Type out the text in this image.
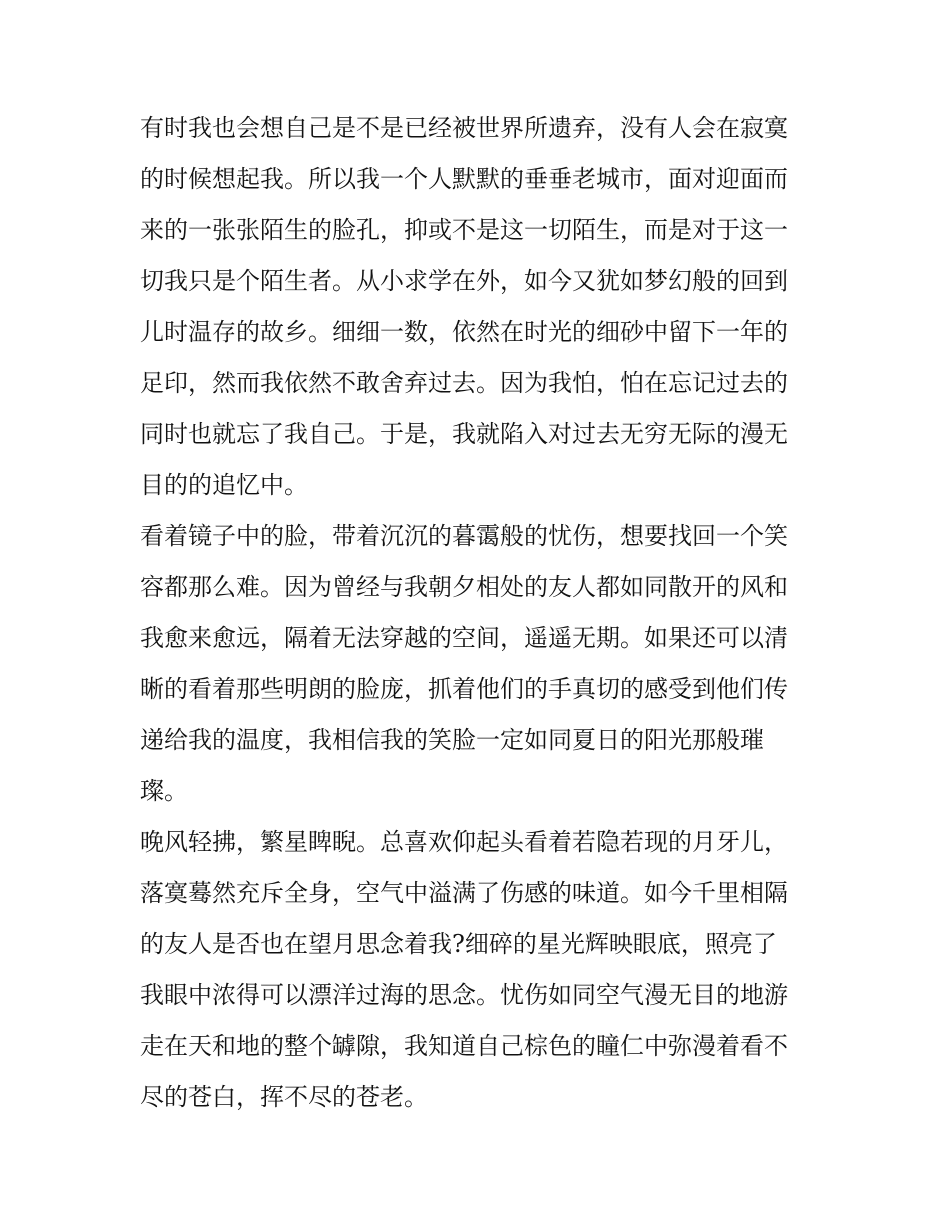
有时我也会想自己是不是已经被世界所遗弃，没有人会在寂寞
的时候想起我。所以我一个人默默的垂垂老城市，面对迎面而
来的一张张陌生的脸孔，抑或不是这一切陌生，而是对于这一
切我只是个陌生者。从小求学在外，如今又犹如梦幻般的回到
儿时温存的故乡。细细一数，依然在时光的细砂中留下一年的
足印，然而我依然不敢舍弃过去。因为我怕，怕在忘记过去的
同时也就忘了我自己。于是，我就陷入对过去无穷无际的漫无
目的的追忆中。
看着镜子中的脸，带着沉沉的暮霭般的忧伤，想要找回一个笑
容都那么难。因为曾经与我朝夕相处的友人都如同散开的风和
我愈来愈远，隔着无法穿越的空间，遥遥无期。如果还可以清
晰的看着那些明朗的脸庞，抓着他们的手真切的感受到他们传
递给我的温度，我相信我的笑脸一定如同夏日的阳光那般璀
璨。
晚风轻拂，繁星睥睨。总喜欢仰起头看着若隐若现的月牙儿，
落寞蓦然充斥全身，空气中溢满了伤感的味道。如今千里相隔
的友人是否也在望月思念着我?细碎的星光辉映眼底，照亮了
我眼中浓得可以漂洋过海的思念。忧伤如同空气漫无目的地游
走在天和地的整个罅隙，我知道自己棕色的瞳仁中弥漫着看不
尽的苍白，挥不尽的苍老。
